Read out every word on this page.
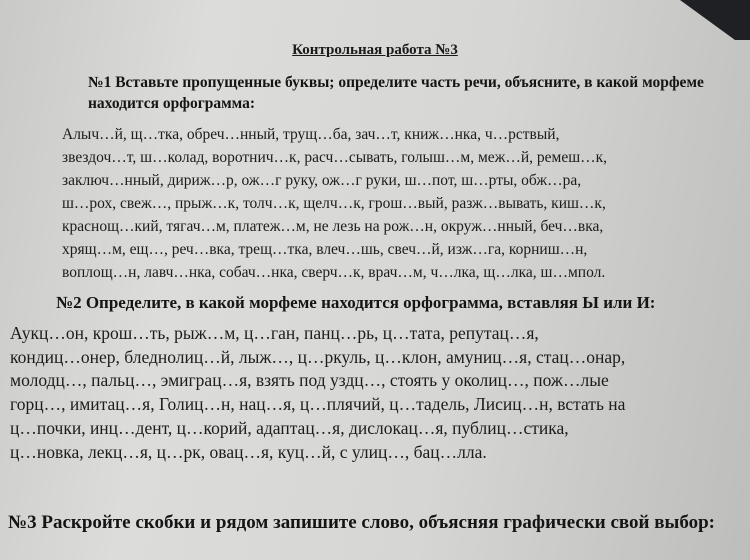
Контрольная работа №3
№1 Вставьте пропущенные буквы; определите часть речи, объясните, в какой морфеме находится орфограмма:
Алыч…й, щ…тка, обреч…нный, трущ…ба, зач…т, книж…нка, ч…рствый,
звездоч…т, ш…колад, воротнич…к, расч…сывать, голыш…м, меж…й, ремеш…к,
заключ…нный, дириж…р, ож…г руку, ож…г руки, ш…пот, ш…рты, обж…ра,
ш…рох, свеж…, прыж…к, толч…к, щелч…к, грош…вый, разж…вывать, киш…к,
краснощ…кий, тягач…м, платеж…м, не лезь на рож…н, окруж…нный, беч…вка,
хрящ…м, ещ…, реч…вка, трещ…тка, влеч…шь, свеч…й, изж…га, корниш…н,
воплощ…н, лавч…нка, собач…нка, сверч…к, врач…м, ч…лка, щ…лка, ш…мпол.
№2 Определите, в какой морфеме находится орфограмма, вставляя Ы или И:
Аукц…он, крош…ть, рыж…м, ц…ган, панц…рь, ц…тата, репутац…я,
кондиц…онер, бледнолиц…й, лыж…, ц…ркуль, ц…клон, амуниц…я, стац…онар,
молодц…, пальц…, эмиграц…я, взять под уздц…, стоять у околиц…, пож…лые
горц…, имитац…я, Голиц…н, нац…я, ц…плячий, ц…тадель, Лисиц…н, встать на
ц…почки, инц…дент, ц…корий, адаптац…я, дислокац…я, публиц…стика,
ц…новка, лекц…я, ц…рк, овац…я, куц…й, с улиц…, бац…лла.
№3 Раскройте скобки и рядом запишите слово, объясняя графически свой выбор:
